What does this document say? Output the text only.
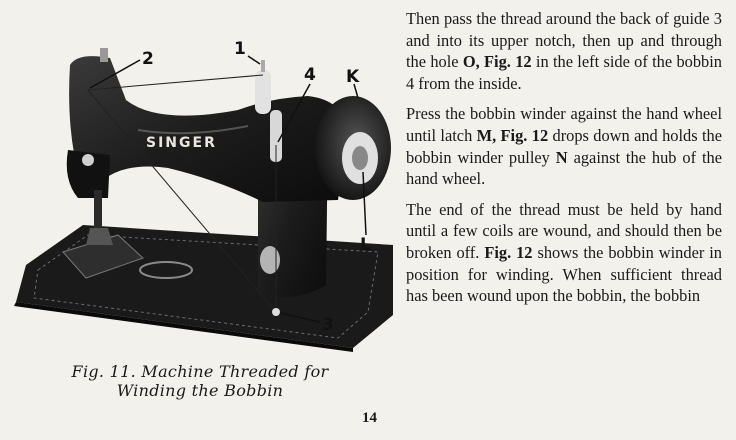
SINGER
2	1
4 K
L
3
Fig. 11. Machine Threaded for
Winding the Bobbin

Then pass the thread around the back of guide 3 and into its upper notch, then up and through the hole O, Fig. 12 in the left side of the bobbin 4 from the inside.

Press the bobbin winder against the hand wheel until latch M, Fig. 12 drops down and holds the bobbin winder pulley N against the hub of the hand wheel.

The end of the thread must be held by hand until a few coils are wound, and should then be broken off. Fig. 12 shows the bobbin winder in position for winding. When sufficient thread has been wound upon the bobbin, the bobbin

14
